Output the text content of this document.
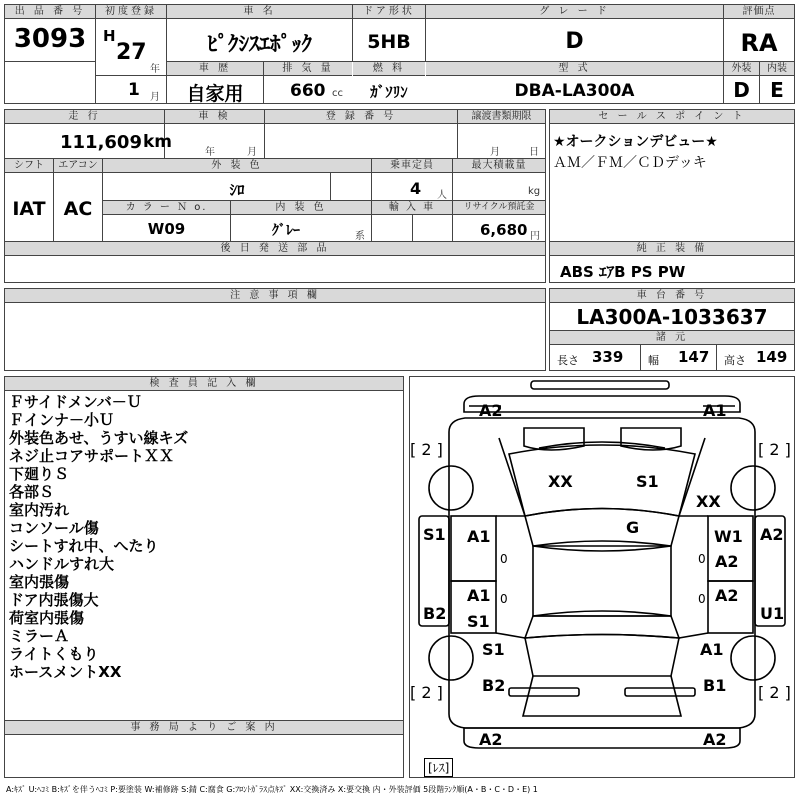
出 品 番 号
3093
初度登録
H
27
年
1 月
車 名
ﾋﾟｸｼｽｴﾎﾟｯｸ
ドア形状
5HB
グ レ ー ド
D
評価点
RA
車 歴
自家用
排 気 量
660 cc
燃 料
ｶﾞｿﾘﾝ
型 式
DBA-LA300A
外装	内装
D	E
走 行
111,609 km
車 検
年	月
登 録 番 号	譲渡書類期限
月	日
シフト
IAT
エアコン
AC
外 装 色
ｼﾛ
乗車定員
4 人
最大積載量
kg
カ ラ ー Ｎ o.
W09
内 装 色
ｸﾞﾚｰ	系
輸 入 車	リサイクル預託金
6,680 円
後 日 発 送 部 品
セ ー ル ス ポ イ ン ト
★オークションデビュー★
ＡＭ／ＦＭ／ＣＤデッキ
純 正 装 備
ABS ｴｱB PS PW
注 意 事 項 欄	車 台 番 号
LA300A-1033637
諸 元
長さ 339 幅 147 高さ 149
検 査 員 記 入 欄
Ｆサイドメンバ－Ｕ
Ｆインナ－小Ｕ
外装色あせ、うすい線キズ
ネジ止コアサポートＸＸ
下廻りＳ
各部Ｓ
室内汚れ
コンソール傷
シートすれ中、へたり
ハンドルすれ大
室内張傷
ドア内張傷大
荷室内張傷
ミラーＡ
ライトくもり
ホースメントXX
事 務 局 よ り ご 案 内
A2	A1
[ 2 ]	[ 2 ]
XX	S1
XX
G
S1 A1	W1 A2
A2
0	0
A1
S1
B2
A2
U1
0	0
S1	A1
B2	B1
[ 2 ]	[ 2 ]
A2	A2
[ﾚｽ]
A:ｷｽﾞ U:ﾍｺﾐ B:ｷｽﾞを伴うﾍｺﾐ P:要塗装 W:補修跡 S:錆 C:腐食 G:ﾌﾛﾝﾄｶﾞﾗｽ点ｷｽﾞ XX:交換済み X:要交換 内・外装評価 5段階ﾗﾝｸ順(A・B・C・D・E) 1
